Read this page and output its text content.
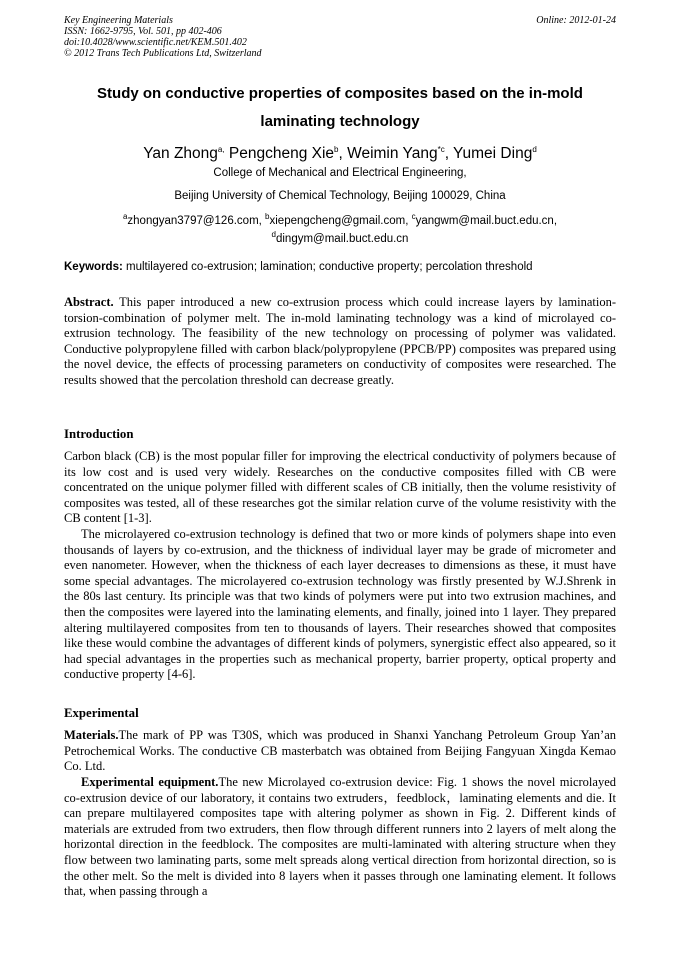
Key Engineering Materials
ISSN: 1662-9795, Vol. 501, pp 402-406
doi:10.4028/www.scientific.net/KEM.501.402
© 2012 Trans Tech Publications Ltd, Switzerland
Online: 2012-01-24
Study on conductive properties of composites based on the in-mold
laminating technology
Yan Zhong$^{a,}$ Pengcheng Xie$^b$, Weimin Yang$^{*c}$, Yumei Ding$^d$
College of Mechanical and Electrical Engineering,
Beijing University of Chemical Technology, Beijing 100029, China
$^a$zhongyan3797@126.com, $^b$xiepengcheng@gmail.com, $^c$yangwm@mail.buct.edu.cn,
$^d$dingym@mail.buct.edu.cn
Keywords: multilayered co-extrusion; lamination; conductive property; percolation threshold

Abstract. This paper introduced a new co-extrusion process which could increase layers by lamination-torsion-combination of polymer melt. The in-mold laminating technology was a kind of microlayed co-extrusion technology. The feasibility of the new technology on processing of polymer was validated. Conductive polypropylene filled with carbon black/polypropylene (PPCB/PP) composites was prepared using the novel device, the effects of processing parameters on conductivity of composites were researched. The results showed that the percolation threshold can decrease greatly.

Introduction

Carbon black (CB) is the most popular filler for improving the electrical conductivity of polymers because of its low cost and is used very widely. Researches on the conductive composites filled with CB were concentrated on the unique polymer filled with different scales of CB initially, then the volume resistivity of composites was tested, all of these researches got the similar relation curve of the volume resistivity with the CB content [1-3].

The microlayered co-extrusion technology is defined that two or more kinds of polymers shape into even thousands of layers by co-extrusion, and the thickness of individual layer may be grade of micrometer and even nanometer. However, when the thickness of each layer decreases to dimensions as these, it must have some special advantages. The microlayered co-extrusion technology was firstly presented by W.J.Shrenk in the 80s last century. Its principle was that two kinds of polymers were put into two extrusion machines, and then the composites were layered into the laminating elements, and finally, joined into 1 layer. They prepared altering multilayered composites from ten to thousands of layers. Their researches showed that composites like these would combine the advantages of different kinds of polymers, synergistic effect also appeared, so it had special advantages in the properties such as mechanical property, barrier property, optical property and conductive property [4-6].

Experimental

Materials.The mark of PP was T30S, which was produced in Shanxi Yanchang Petroleum Group Yan’an Petrochemical Works. The conductive CB masterbatch was obtained from Beijing Fangyuan Xingda Kemao Co. Ltd.

Experimental equipment.The new Microlayed co-extrusion device: Fig. 1 shows the novel microlayed co-extrusion device of our laboratory, it contains two extruders，feedblock，laminating elements and die. It can prepare multilayered composites tape with altering polymer as shown in Fig. 2. Different kinds of materials are extruded from two extruders, then flow through different runners into 2 layers of melt along the horizontal direction in the feedblock. The composites are multi-laminated with altering structure when they flow between two laminating parts, some melt spreads along vertical direction from horizontal direction, so is the other melt. So the melt is divided into 8 layers when it passes through one laminating element. It follows that, when passing through a
